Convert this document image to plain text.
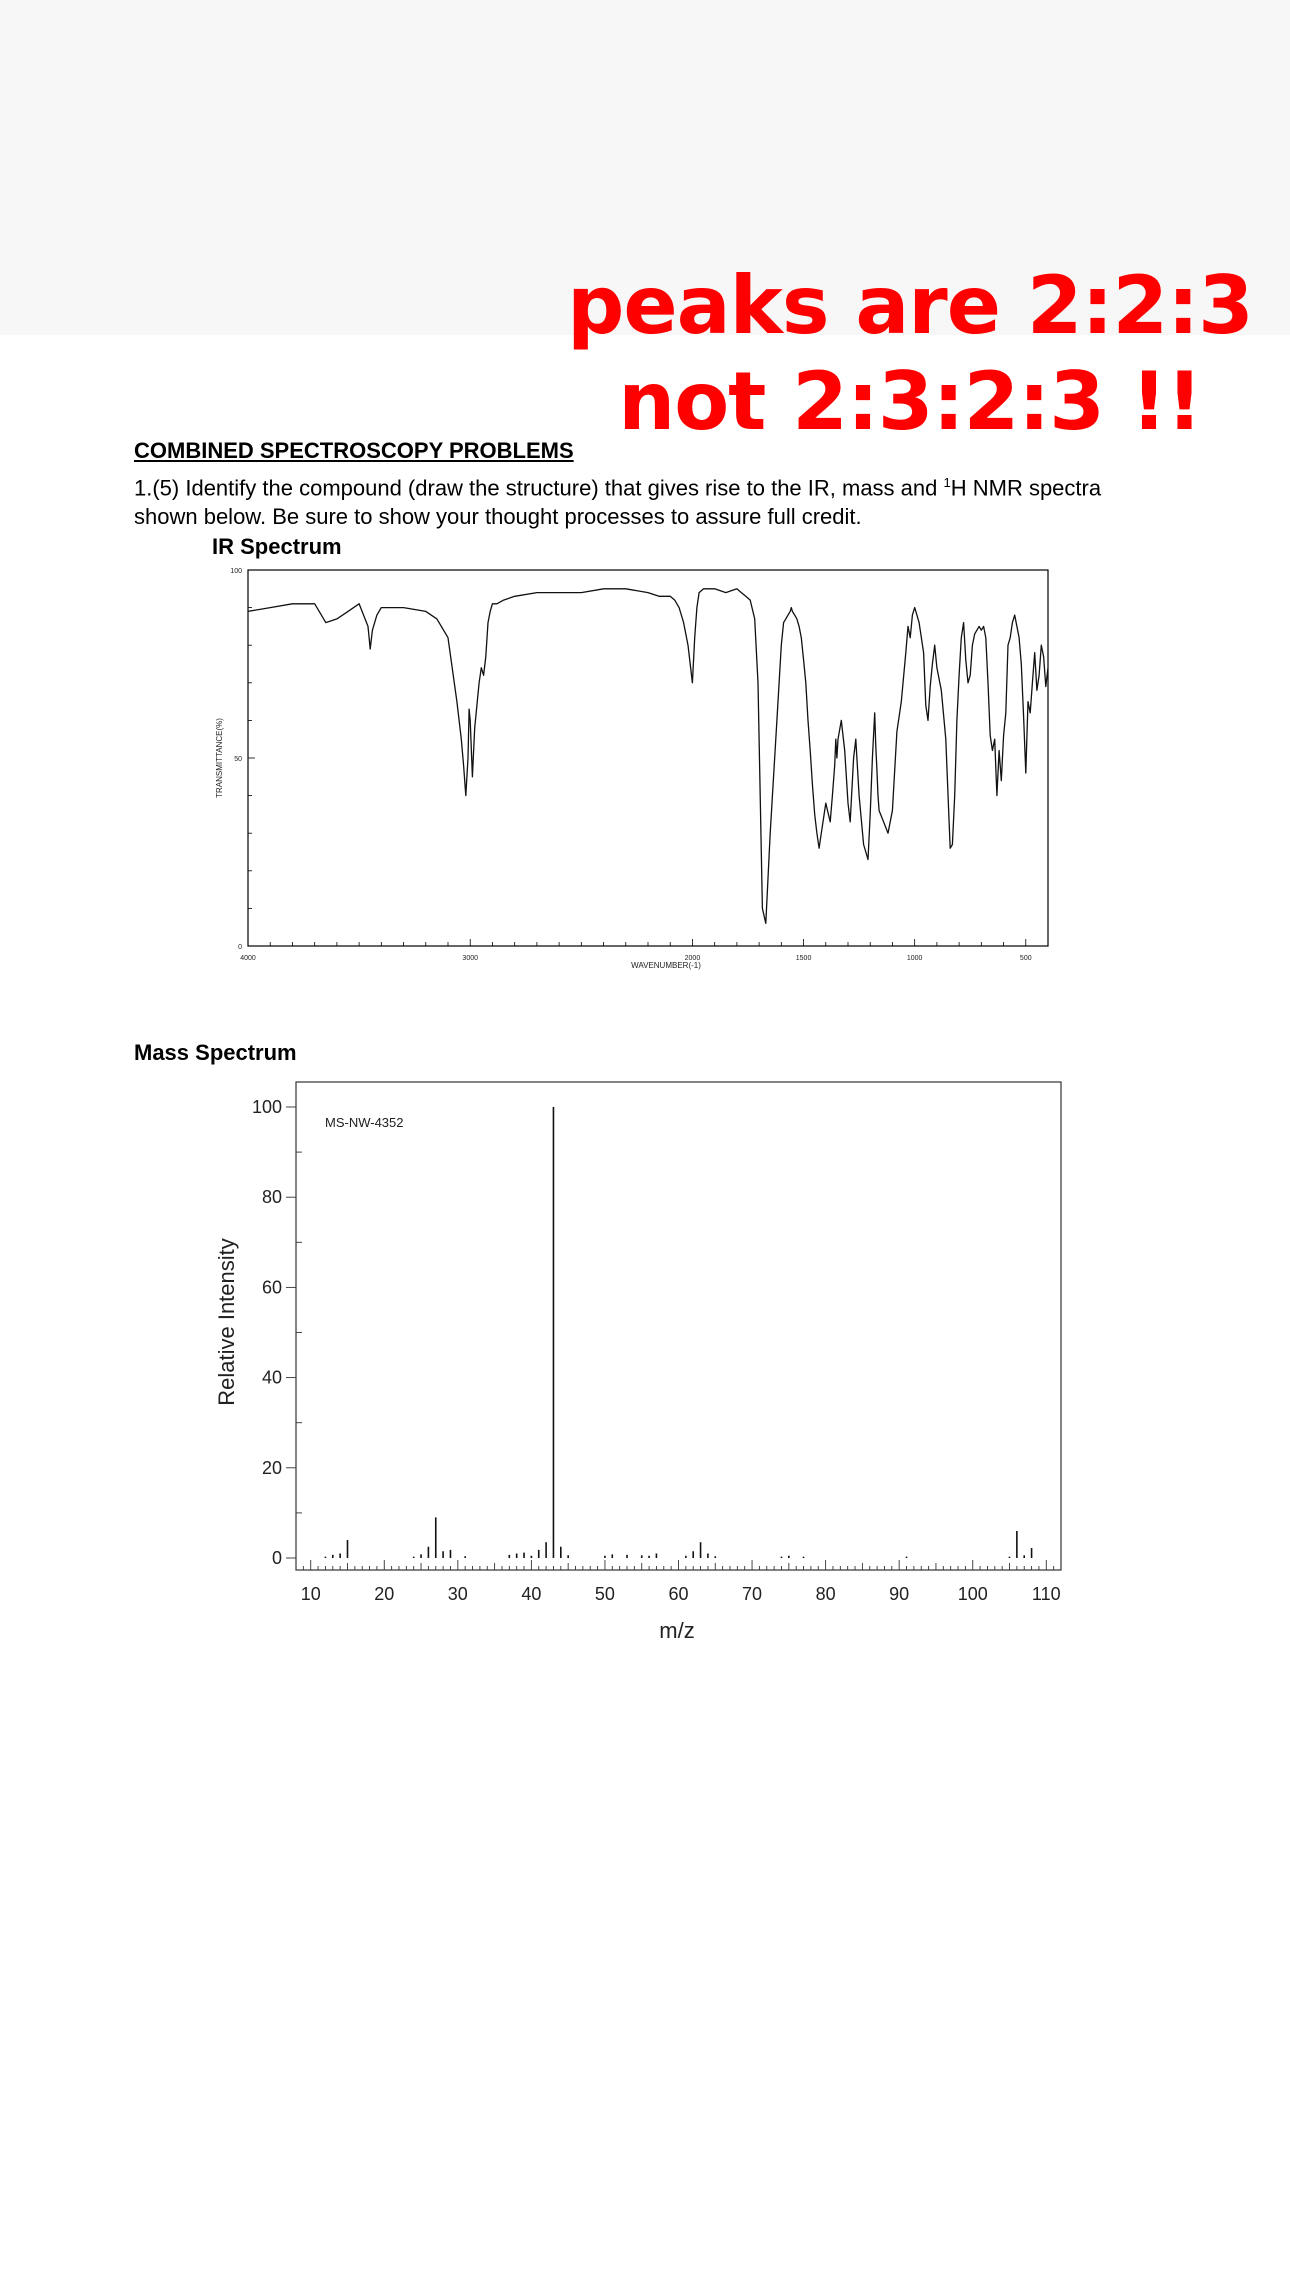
peaks are 2:2:3
not 2:3:2:3 !!
COMBINED SPECTROSCOPY PROBLEMS
1.(5) Identify the compound (draw the structure) that gives rise to the IR, mass and $^1$H NMR spectra shown below. Be sure to show your thought processes to assure full credit.
IR Spectrum
4000	3000	2000	1500	1000	500
100
50
0
WAVENUMBER(-1)
TRANSMITTANCE(%)
Mass Spectrum
10	20	30	40	50	60	70	80	90	100 110
0
20
40
60
80
100
MS-NW-4352
m/z
Relative Intensity
